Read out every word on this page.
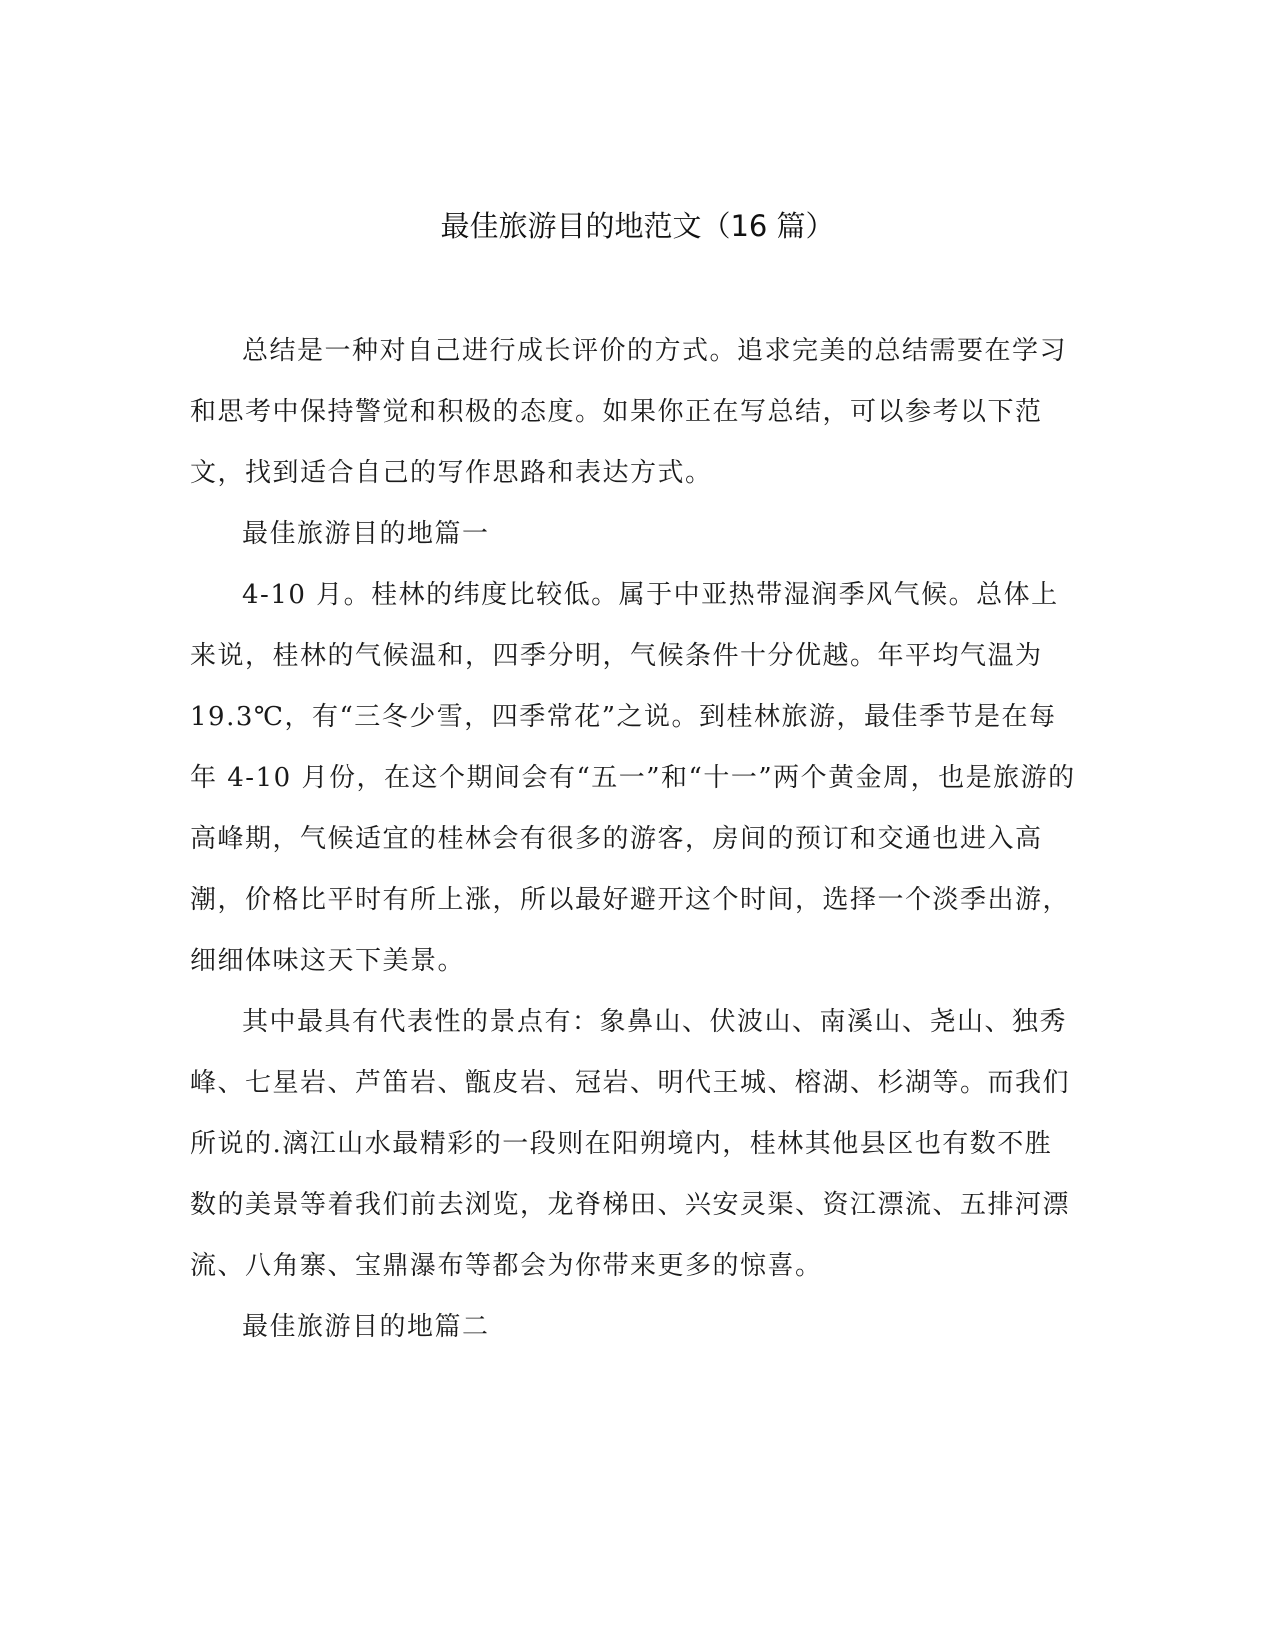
最佳旅游目的地范文（16 篇）

总结是一种对自己进行成长评价的方式。追求完美的总结需要在学习和思考中保持警觉和积极的态度。如果你正在写总结，可以参考以下范文，找到适合自己的写作思路和表达方式。

最佳旅游目的地篇一

4-10 月。桂林的纬度比较低。属于中亚热带湿润季风气候。总体上来说，桂林的气候温和，四季分明，气候条件十分优越。年平均气温为 19.3℃，有“三冬少雪，四季常花”之说。到桂林旅游，最佳季节是在每年 4-10 月份，在这个期间会有“五一”和“十一”两个黄金周，也是旅游的高峰期，气候适宜的桂林会有很多的游客，房间的预订和交通也进入高潮，价格比平时有所上涨，所以最好避开这个时间，选择一个淡季出游，细细体味这天下美景。

其中最具有代表性的景点有：象鼻山、伏波山、南溪山、尧山、独秀峰、七星岩、芦笛岩、甑皮岩、冠岩、明代王城、榕湖、杉湖等。而我们所说的.漓江山水最精彩的一段则在阳朔境内，桂林其他县区也有数不胜数的美景等着我们前去浏览，龙脊梯田、兴安灵渠、资江漂流、五排河漂流、八角寨、宝鼎瀑布等都会为你带来更多的惊喜。

最佳旅游目的地篇二
